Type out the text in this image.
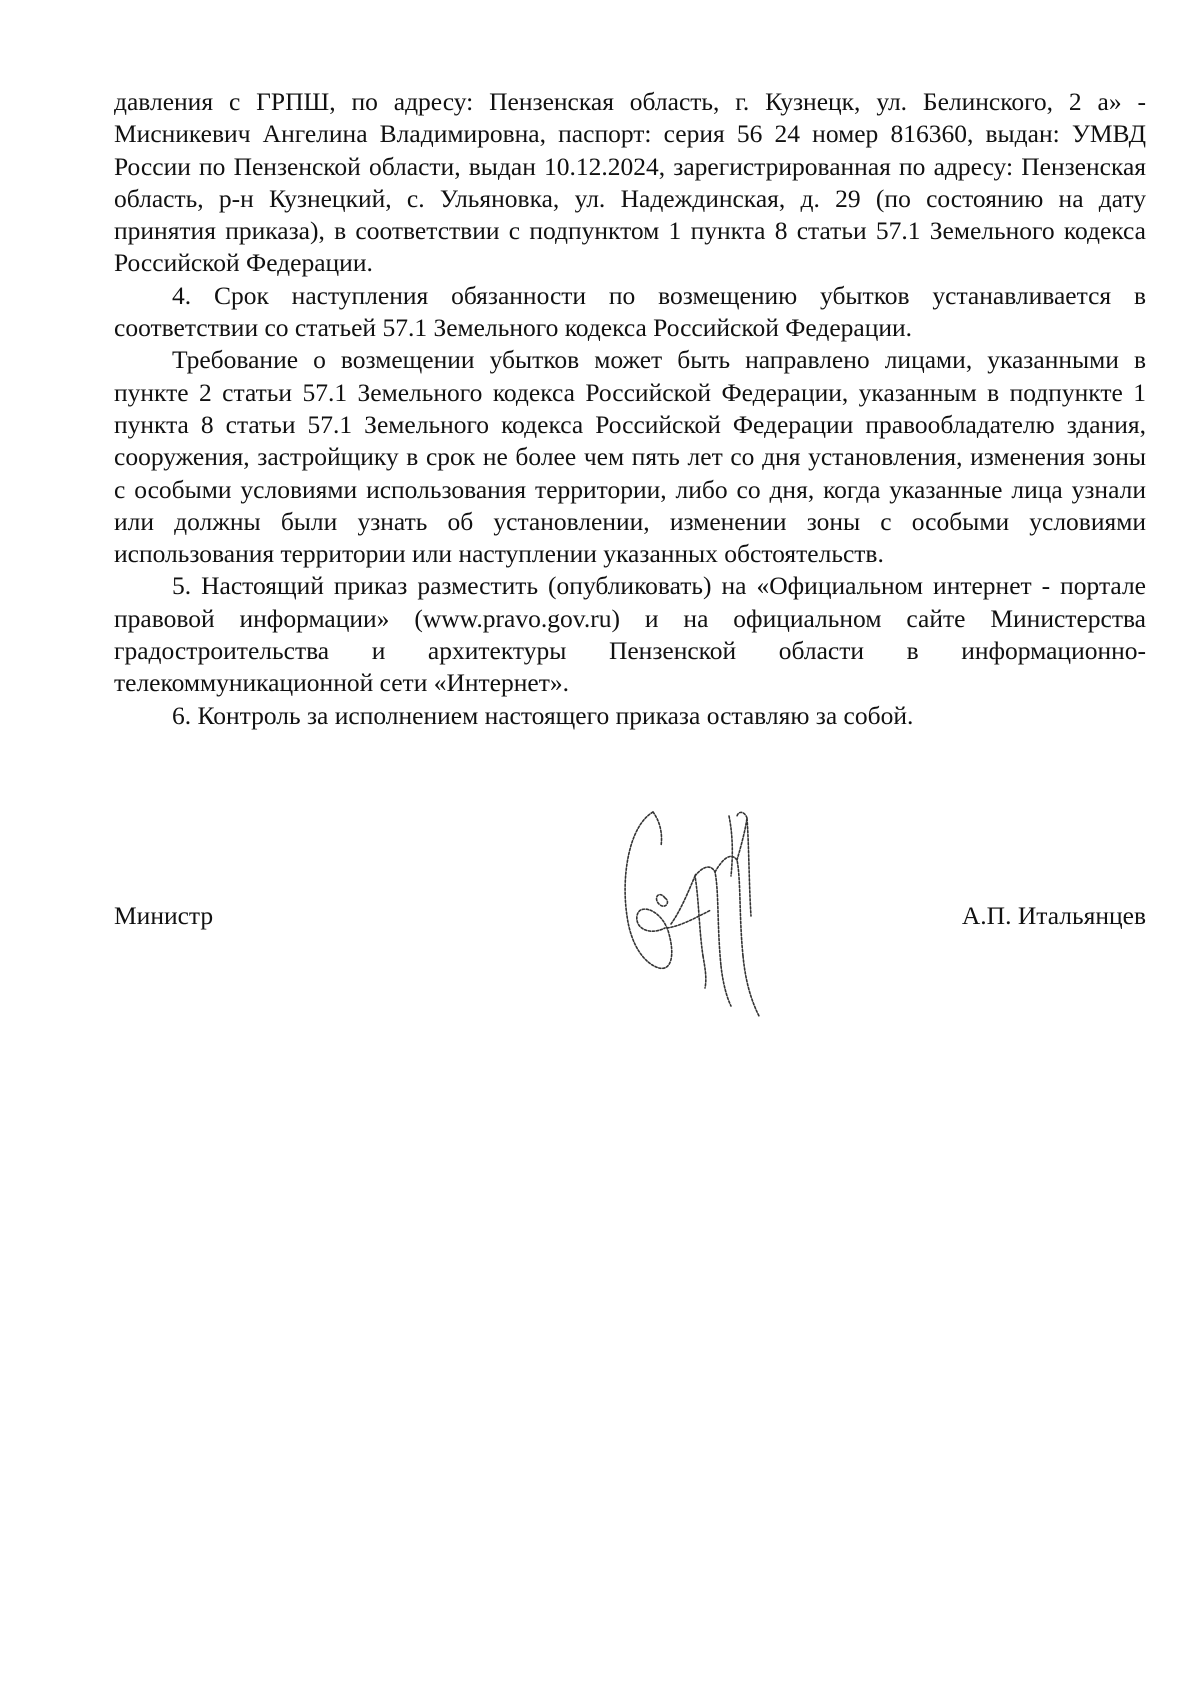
давления с ГРПШ, по адресу: Пензенская область, г. Кузнецк, ул. Белинского, 2 а» - Мисникевич Ангелина Владимировна, паспорт: серия 56 24 номер 816360, выдан: УМВД России по Пензенской области, выдан 10.12.2024, зарегистрированная по адресу: Пензенская область, р-н Кузнецкий, с. Ульяновка, ул. Надеждинская, д. 29 (по состоянию на дату принятия приказа), в соответствии с подпунктом 1 пункта 8 статьи 57.1 Земельного кодекса Российской Федерации.

4. Срок наступления обязанности по возмещению убытков устанавливается в соответствии со статьей 57.1 Земельного кодекса Российской Федерации.

Требование о возмещении убытков может быть направлено лицами, указанными в пункте 2 статьи 57.1 Земельного кодекса Российской Федерации, указанным в подпункте 1 пункта 8 статьи 57.1 Земельного кодекса Российской Федерации правообладателю здания, сооружения, застройщику в срок не более чем пять лет со дня установления, изменения зоны с особыми условиями использования территории, либо со дня, когда указанные лица узнали или должны были узнать об установлении, изменении зоны с особыми условиями использования территории или наступлении указанных обстоятельств.

5. Настоящий приказ разместить (опубликовать) на «Официальном интернет - портале правовой информации» (www.pravo.gov.ru) и на официальном сайте Министерства градостроительства и архитектуры Пензенской области в информационно-телекоммуникационной сети «Интернет».

6. Контроль за исполнением настоящего приказа оставляю за собой.

Министр	А.П. Итальянцев
